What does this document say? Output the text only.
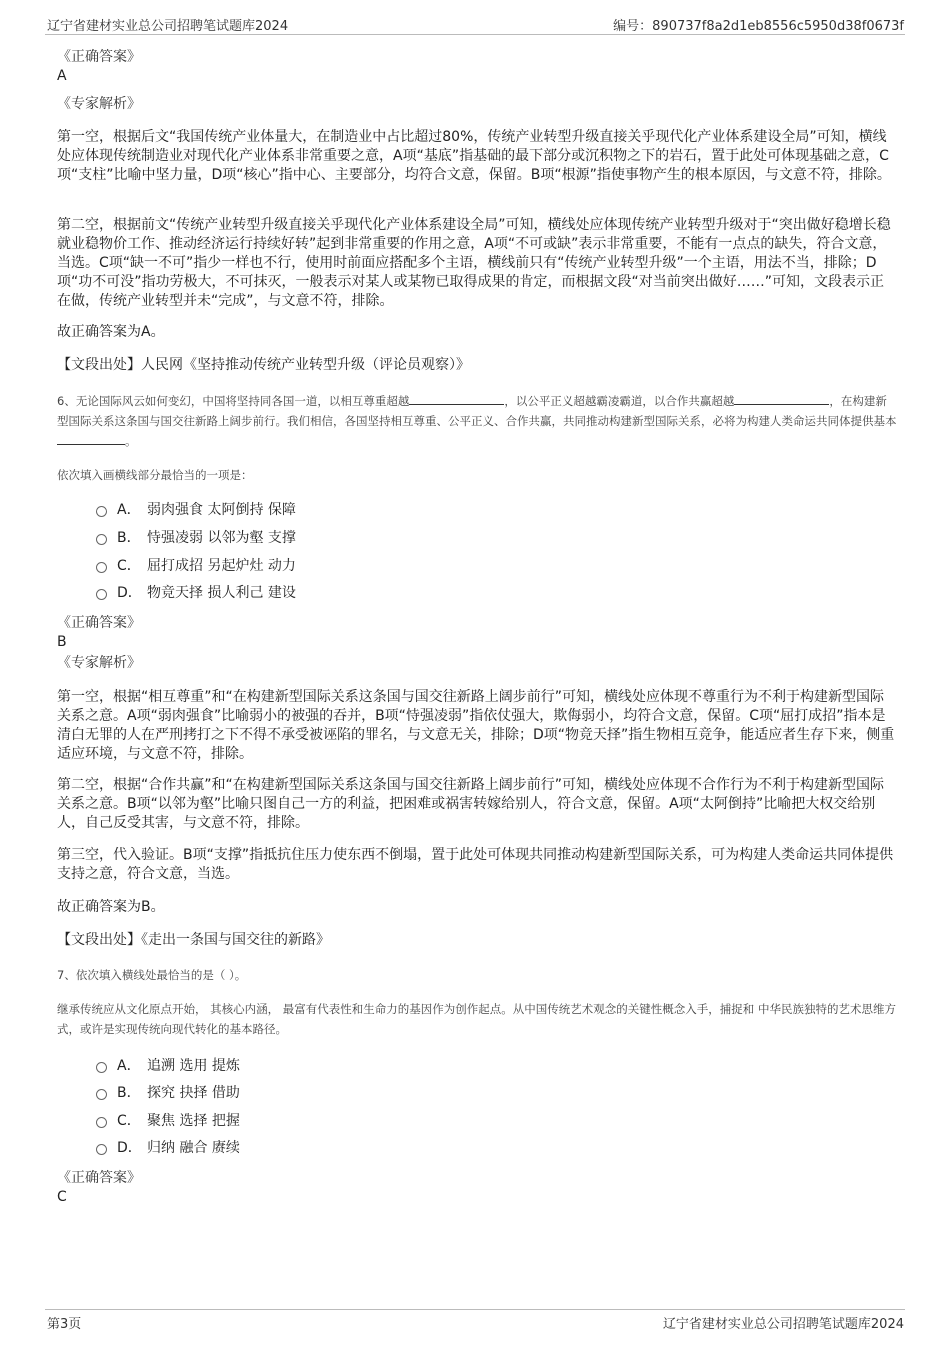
辽宁省建材实业总公司招聘笔试题库2024	编号：890737f8a2d1eb8556c5950d38f0673f
《正确答案》
A
《专家解析》

第一空，根据后文“我国传统产业体量大，在制造业中占比超过80%，传统产业转型升级直接关乎现代化产业体系建设全局”可知，横线处应体现传统制造业对现代化产业体系非常重要之意，A项“基底”指基础的最下部分或沉积物之下的岩石，置于此处可体现基础之意，C项“支柱”比喻中坚力量，D项“核心”指中心、主要部分，均符合文意，保留。B项“根源”指使事物产生的根本原因，与文意不符，排除。

第二空，根据前文“传统产业转型升级直接关乎现代化产业体系建设全局”可知，横线处应体现传统产业转型升级对于“突出做好稳增长稳就业稳物价工作、推动经济运行持续好转”起到非常重要的作用之意，A项“不可或缺”表示非常重要，不能有一点点的缺失，符合文意，当选。C项“缺一不可”指少一样也不行，使用时前面应搭配多个主语，横线前只有“传统产业转型升级”一个主语，用法不当，排除；D项“功不可没”指功劳极大，不可抹灭，一般表示对某人或某物已取得成果的肯定，而根据文段“对当前突出做好……”可知，文段表示正在做，传统产业转型并未“完成”，与文意不符，排除。

故正确答案为A。

【文段出处】人民网《坚持推动传统产业转型升级（评论员观察）》

6、无论国际风云如何变幻，中国将坚持同各国一道，以相互尊重超越	，以公平正义超越霸凌霸道，以合作共赢超越	，在构建新型国际关系这条国与国交往新路上阔步前行。我们相信，各国坚持相互尊重、公平正义、合作共赢，共同推动构建新型国际关系，必将为构建人类命运共同体提供基本。

依次填入画横线部分最恰当的一项是：

A． 弱肉强食 太阿倒持 保障
B． 恃强凌弱 以邻为壑 支撑
C． 屈打成招 另起炉灶 动力
D． 物竞天择 损人利己 建设
《正确答案》
B
《专家解析》

第一空，根据“相互尊重”和“在构建新型国际关系这条国与国交往新路上阔步前行”可知，横线处应体现不尊重行为不利于构建新型国际关系之意。A项“弱肉强食”比喻弱小的被强的吞并，B项“恃强凌弱”指依仗强大，欺侮弱小，均符合文意，保留。C项“屈打成招”指本是清白无罪的人在严刑拷打之下不得不承受被诬陷的罪名，与文意无关，排除；D项“物竞天择”指生物相互竞争，能适应者生存下来，侧重适应环境，与文意不符，排除。

第二空，根据“合作共赢”和“在构建新型国际关系这条国与国交往新路上阔步前行”可知，横线处应体现不合作行为不利于构建新型国际关系之意。B项“以邻为壑”比喻只图自己一方的利益，把困难或祸害转嫁给别人，符合文意，保留。A项“太阿倒持”比喻把大权交给别人，自己反受其害，与文意不符，排除。

第三空，代入验证。B项“支撑”指抵抗住压力使东西不倒塌，置于此处可体现共同推动构建新型国际关系，可为构建人类命运共同体提供支持之意，符合文意，当选。

故正确答案为B。

【文段出处】《走出一条国与国交往的新路》

7、依次填入横线处最恰当的是（ ）。

继承传统应从文化原点开始， 其核心内涵， 最富有代表性和生命力的基因作为创作起点。从中国传统艺术观念的关键性概念入手，捕捉和 中华民族独特的艺术思维方式，或许是实现传统向现代转化的基本路径。

A． 追溯 选用 提炼
B． 探究 抉择 借助
C． 聚焦 选择 把握
D． 归纳 融合 赓续
《正确答案》
C
第3页	辽宁省建材实业总公司招聘笔试题库2024
